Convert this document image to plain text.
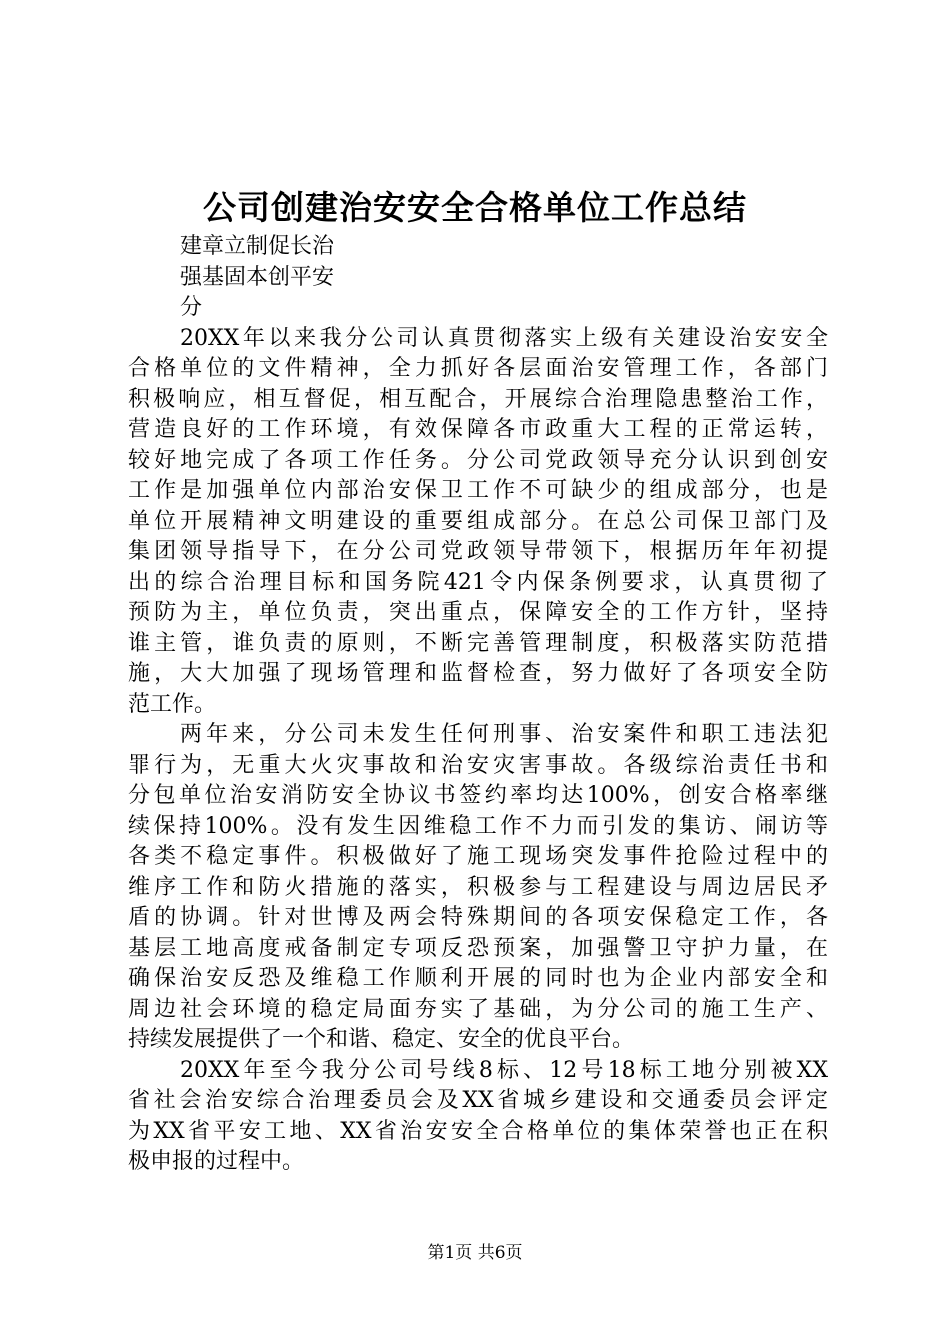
公司创建治安安全合格单位工作总结
建章立制促长治
强基固本创平安
分
20XX年以来我分公司认真贯彻落实上级有关建设治安安全
合格单位的文件精神，全力抓好各层面治安管理工作，各部门
积极响应，相互督促，相互配合，开展综合治理隐患整治工作，
营造良好的工作环境，有效保障各市政重大工程的正常运转，
较好地完成了各项工作任务。分公司党政领导充分认识到创安
工作是加强单位内部治安保卫工作不可缺少的组成部分，也是
单位开展精神文明建设的重要组成部分。在总公司保卫部门及
集团领导指导下，在分公司党政领导带领下，根据历年年初提
出的综合治理目标和国务院421令内保条例要求，认真贯彻了
预防为主，单位负责，突出重点，保障安全的工作方针，坚持
谁主管，谁负责的原则，不断完善管理制度，积极落实防范措
施，大大加强了现场管理和监督检查，努力做好了各项安全防
范工作。
两年来，分公司未发生任何刑事、治安案件和职工违法犯
罪行为，无重大火灾事故和治安灾害事故。各级综治责任书和
分包单位治安消防安全协议书签约率均达100%，创安合格率继
续保持100%。没有发生因维稳工作不力而引发的集访、闹访等
各类不稳定事件。积极做好了施工现场突发事件抢险过程中的
维序工作和防火措施的落实，积极参与工程建设与周边居民矛
盾的协调。针对世博及两会特殊期间的各项安保稳定工作，各
基层工地高度戒备制定专项反恐预案，加强警卫守护力量，在
确保治安反恐及维稳工作顺利开展的同时也为企业内部安全和
周边社会环境的稳定局面夯实了基础，为分公司的施工生产、
持续发展提供了一个和谐、稳定、安全的优良平台。
20XX年至今我分公司号线8标、12号18标工地分别被XX
省社会治安综合治理委员会及XX省城乡建设和交通委员会评定
为XX省平安工地、XX省治安安全合格单位的集体荣誉也正在积
极申报的过程中。
第1页 共6页
